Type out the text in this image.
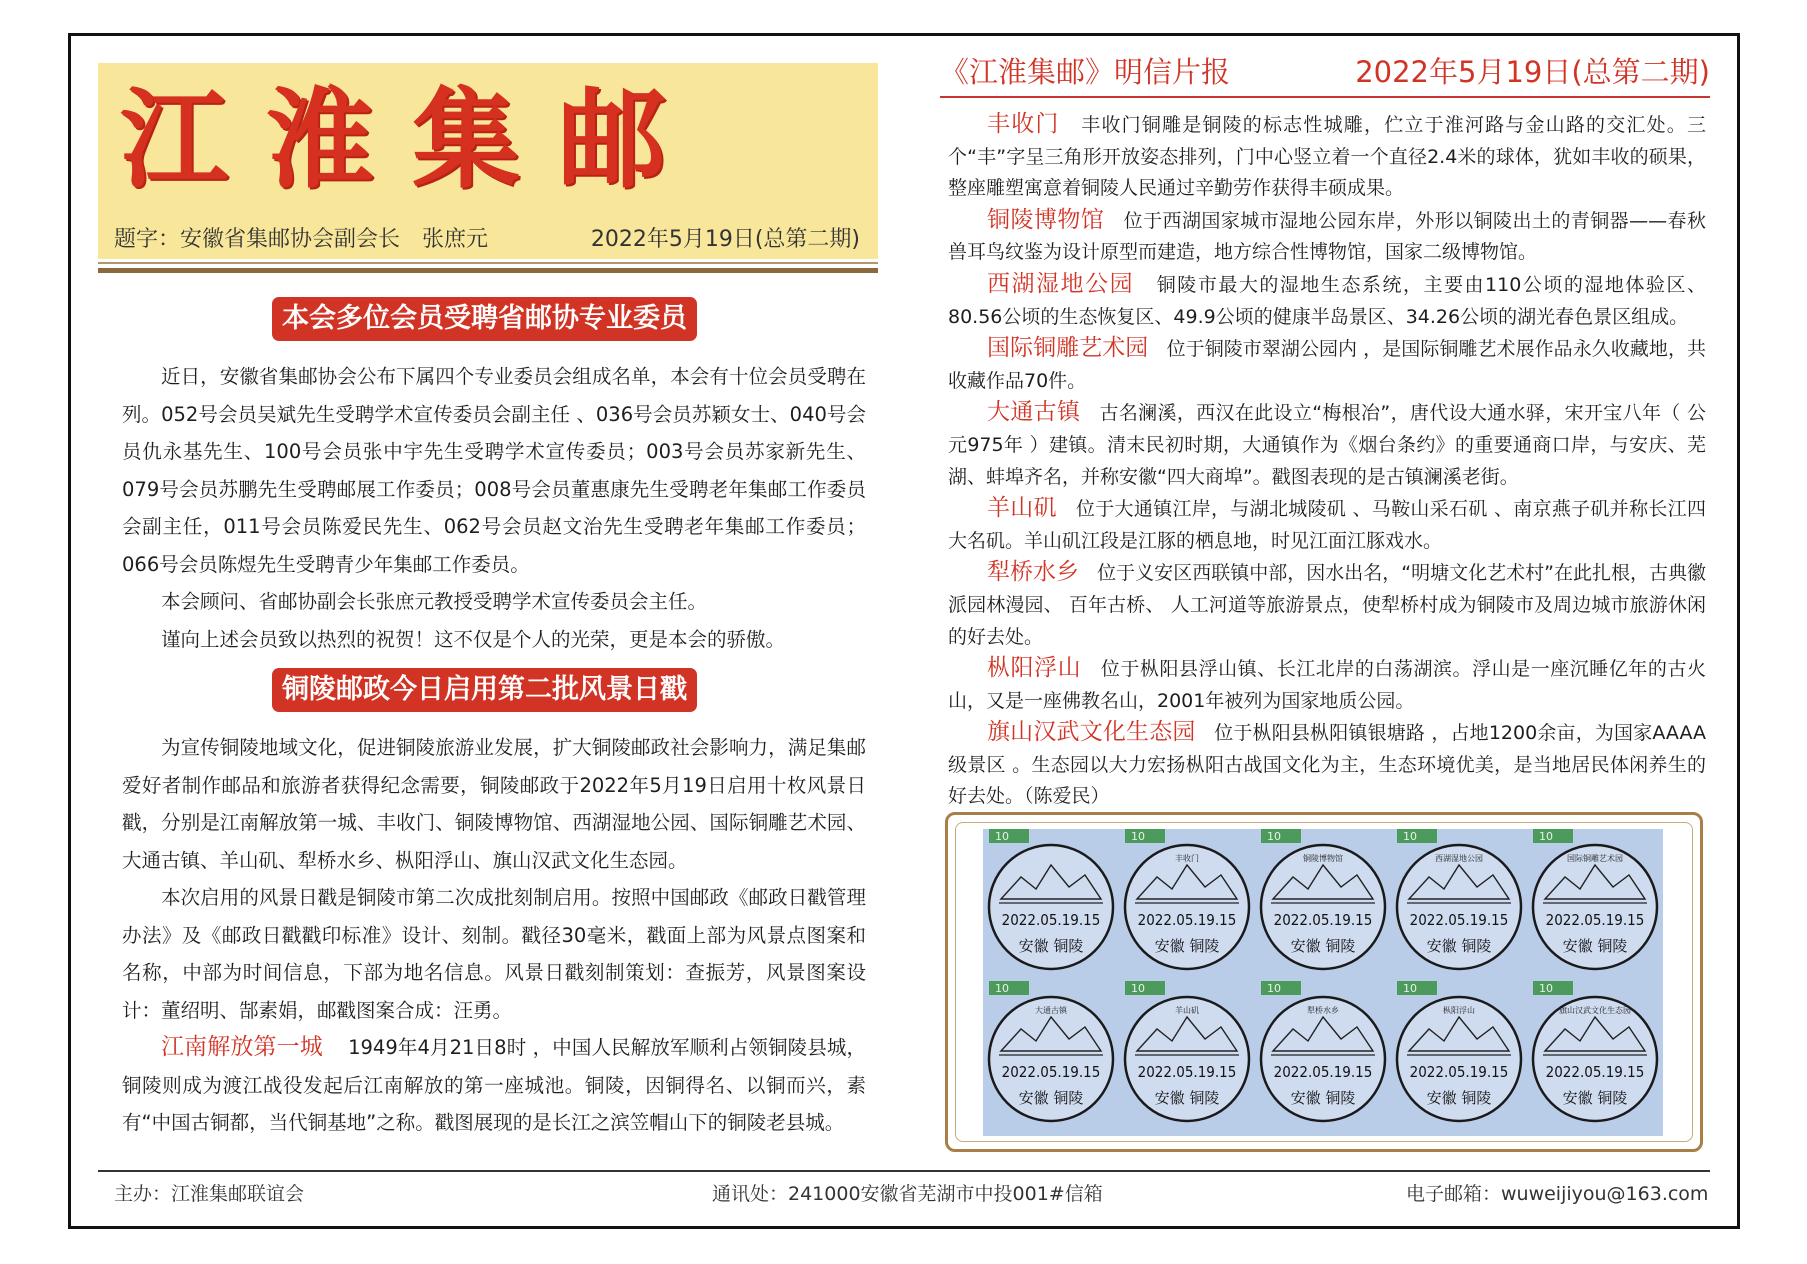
江淮集邮
题字：安徽省集邮协会副会长　张庶元	2022年5月19日(总第二期)
本会多位会员受聘省邮协专业委员

近日，安徽省集邮协会公布下属四个专业委员会组成名单，本会有十位会员受聘在列。052号会员吴斌先生受聘学术宣传委员会副主任 、036号会员苏颖女士、040号会员仇永基先生、100号会员张中宇先生受聘学术宣传委员；003号会员苏家新先生、079号会员苏鹏先生受聘邮展工作委员；008号会员董惠康先生受聘老年集邮工作委员会副主任，011号会员陈爱民先生、062号会员赵文治先生受聘老年集邮工作委员；066号会员陈煜先生受聘青少年集邮工作委员。

本会顾问、省邮协副会长张庶元教授受聘学术宣传委员会主任。

谨向上述会员致以热烈的祝贺！这不仅是个人的光荣，更是本会的骄傲。

铜陵邮政今日启用第二批风景日戳

为宣传铜陵地域文化，促进铜陵旅游业发展，扩大铜陵邮政社会影响力，满足集邮爱好者制作邮品和旅游者获得纪念需要，铜陵邮政于2022年5月19日启用十枚风景日戳，分别是江南解放第一城、丰收门、铜陵博物馆、西湖湿地公园、国际铜雕艺术园、大通古镇、羊山矶、犁桥水乡、枞阳浮山、旗山汉武文化生态园。

本次启用的风景日戳是铜陵市第二次成批刻制启用。按照中国邮政《邮政日戳管理办法》及《邮政日戳戳印标准》设计、刻制。戳径30毫米，戳面上部为风景点图案和名称，中部为时间信息，下部为地名信息。风景日戳刻制策划：查振芳，风景图案设计：董绍明、郜素娟，邮戳图案合成：汪勇。

江南解放第一城 1949年4月21日8时 ，中国人民解放军顺利占领铜陵县城，铜陵则成为渡江战役发起后江南解放的第一座城池。铜陵，因铜得名、以铜而兴，素有“中国古铜都，当代铜基地”之称。戳图展现的是长江之滨笠帽山下的铜陵老县城。

《江淮集邮》明信片报	2022年5月19日(总第二期)

丰收门 丰收门铜雕是铜陵的标志性城雕，伫立于淮河路与金山路的交汇处。三个“丰”字呈三角形开放姿态排列，门中心竖立着一个直径2.4米的球体，犹如丰收的硕果，整座雕塑寓意着铜陵人民通过辛勤劳作获得丰硕成果。

铜陵博物馆 位于西湖国家城市湿地公园东岸，外形以铜陵出土的青铜器——春秋兽耳鸟纹鉴为设计原型而建造，地方综合性博物馆，国家二级博物馆。

西湖湿地公园 铜陵市最大的湿地生态系统，主要由110公顷的湿地体验区、80.56公顷的生态恢复区、49.9公顷的健康半岛景区、34.26公顷的湖光春色景区组成。

国际铜雕艺术园 位于铜陵市翠湖公园内 ，是国际铜雕艺术展作品永久收藏地，共收藏作品70件。

大通古镇 古名澜溪，西汉在此设立“梅根冶”，唐代设大通水驿，宋开宝八年（ 公元975年 ）建镇。清末民初时期，大通镇作为《烟台条约》的重要通商口岸，与安庆、芜湖、蚌埠齐名，并称安徽“四大商埠”。戳图表现的是古镇澜溪老街。

羊山矶 位于大通镇江岸，与湖北城陵矶 、马鞍山采石矶 、南京燕子矶并称长江四大名矶。羊山矶江段是江豚的栖息地，时见江面江豚戏水。

犁桥水乡 位于义安区西联镇中部，因水出名，“明塘文化艺术村”在此扎根，古典徽派园林漫园、 百年古桥、 人工河道等旅游景点，使犁桥村成为铜陵市及周边城市旅游休闲的好去处。

枞阳浮山 位于枞阳县浮山镇、长江北岸的白荡湖滨。浮山是一座沉睡亿年的古火山，又是一座佛教名山，2001年被列为国家地质公园。

旗山汉武文化生态园 位于枞阳县枞阳镇银塘路 ，占地1200余亩，为国家AAAA 级景区 。生态园以大力宏扬枞阳古战国文化为主，生态环境优美，是当地居民体闲养生的好去处。（陈爱民）

10
2022.05.19.15
安徽 铜陵
10
丰收门
2022.05.19.15
安徽 铜陵
10
铜陵博物馆
2022.05.19.15
安徽 铜陵
10
西湖湿地公园
2022.05.19.15
安徽 铜陵
10
国际铜雕艺术园
2022.05.19.15
安徽 铜陵
10
大通古镇
2022.05.19.15
安徽 铜陵
10
羊山矶
2022.05.19.15
安徽 铜陵
10
犁桥水乡
2022.05.19.15
安徽 铜陵
10
枞阳浮山
2022.05.19.15
安徽 铜陵
10
旗山汉武文化生态园
2022.05.19.15
安徽 铜陵
主办：江淮集邮联谊会	通讯处：241000安徽省芜湖市中投001#信箱	电子邮箱：wuweijiyou@163.com
